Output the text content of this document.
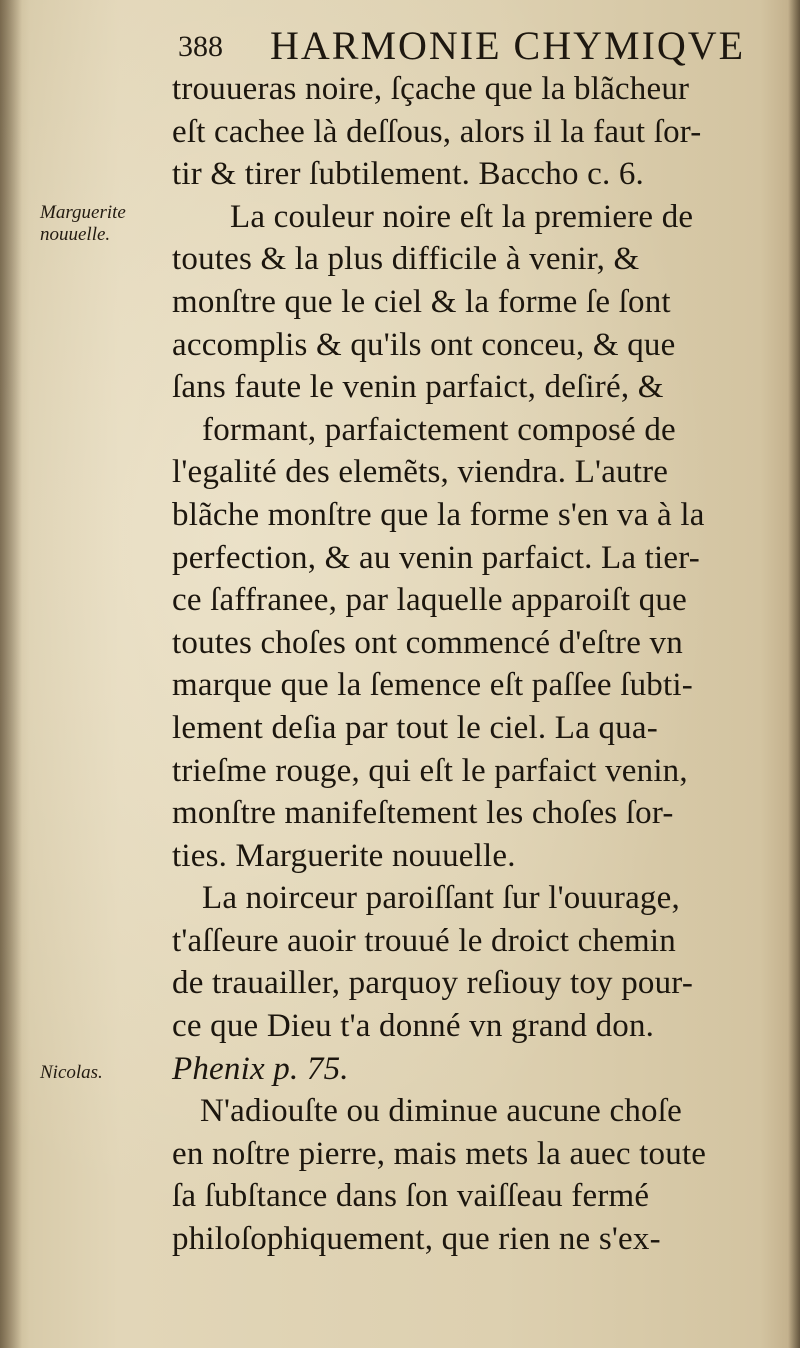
388 HARMONIE CHYMIQVE
Marguerite
nouuelle.
Nicolas.
trouueras noire, ſçache que la blãcheur
eſt cachee là deſſous, alors il la faut ſor-
tir & tirer ſubtilement. Baccho c. 6.
La couleur noire eſt la premiere de
toutes & la plus difficile à venir, &
monſtre que le ciel & la forme ſe ſont
accomplis & qu'ils ont conceu, & que
ſans faute le venin parfaict, deſiré, &
formant, parfaictement composé de
l'egalité des elemẽts, viendra. L'autre
blãche monſtre que la forme s'en va à la
perfection, & au venin parfaict. La tier-
ce ſaffranee, par laquelle apparoiſt que
toutes choſes ont commencé d'eſtre vn
marque que la ſemence eſt paſſee ſubti-
lement deſia par tout le ciel. La qua-
trieſme rouge, qui eſt le parfaict venin,
monſtre manifeſtement les choſes ſor-
ties. Marguerite nouuelle.
La noirceur paroiſſant ſur l'ouurage,
t'aſſeure auoir trouué le droict chemin
de trauailler, parquoy reſiouy toy pour-
ce que Dieu t'a donné vn grand don.
Phenix p. 75.
N'adiouſte ou diminue aucune choſe
en noſtre pierre, mais mets la auec toute
ſa ſubſtance dans ſon vaiſſeau fermé
philoſophiquement, que rien ne s'ex-
